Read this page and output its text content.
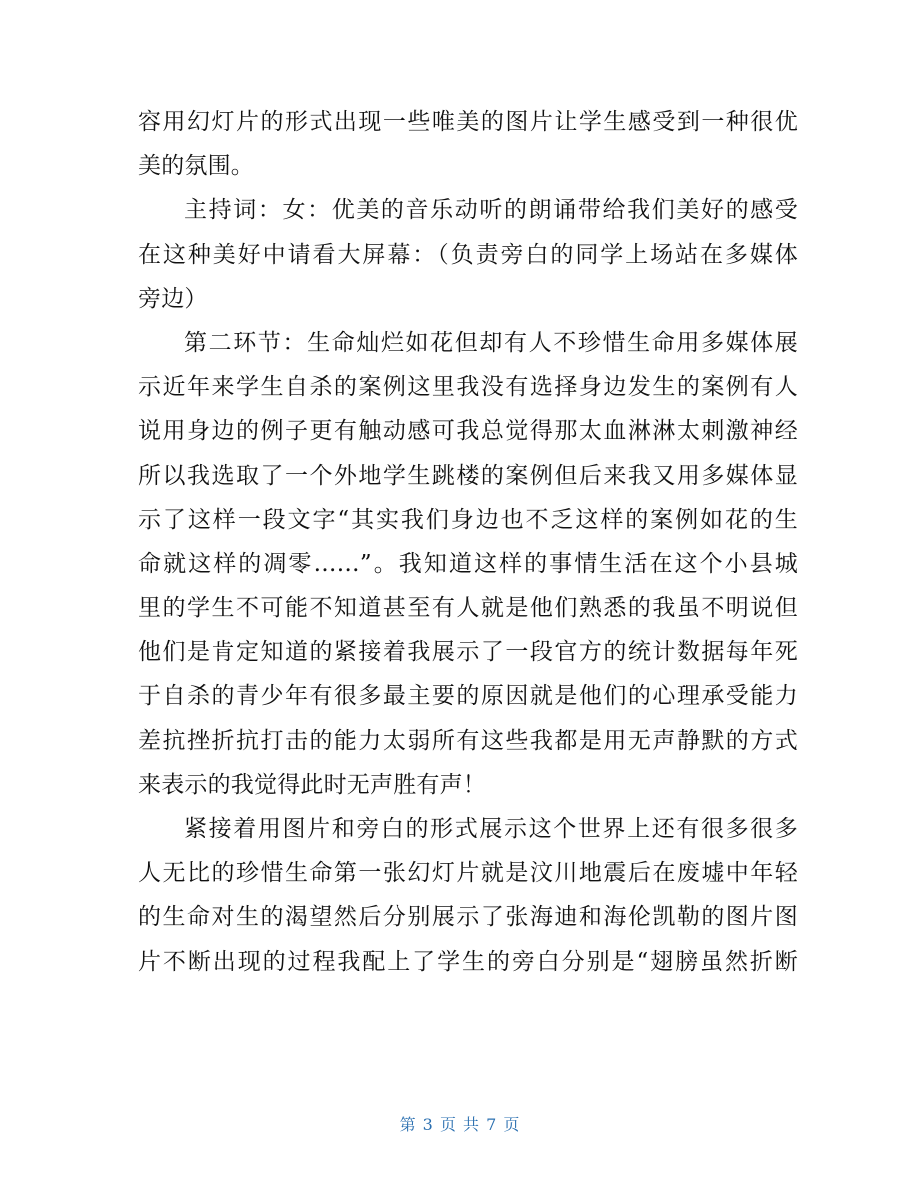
容用幻灯片的形式出现一些唯美的图片让学生感受到一种很优
美的氛围。
主持词：女：优美的音乐动听的朗诵带给我们美好的感受
在这种美好中请看大屏幕：（负责旁白的同学上场站在多媒体
旁边）
第二环节：生命灿烂如花但却有人不珍惜生命用多媒体展
示近年来学生自杀的案例这里我没有选择身边发生的案例有人
说用身边的例子更有触动感可我总觉得那太血淋淋太刺激神经
所以我选取了一个外地学生跳楼的案例但后来我又用多媒体显
示了这样一段文字“其实我们身边也不乏这样的案例如花的生
命就这样的凋零……”。我知道这样的事情生活在这个小县城
里的学生不可能不知道甚至有人就是他们熟悉的我虽不明说但
他们是肯定知道的紧接着我展示了一段官方的统计数据每年死
于自杀的青少年有很多最主要的原因就是他们的心理承受能力
差抗挫折抗打击的能力太弱所有这些我都是用无声静默的方式
来表示的我觉得此时无声胜有声！
紧接着用图片和旁白的形式展示这个世界上还有很多很多
人无比的珍惜生命第一张幻灯片就是汶川地震后在废墟中年轻
的生命对生的渴望然后分别展示了张海迪和海伦凯勒的图片图
片不断出现的过程我配上了学生的旁白分别是“翅膀虽然折断
第 3 页 共 7 页
